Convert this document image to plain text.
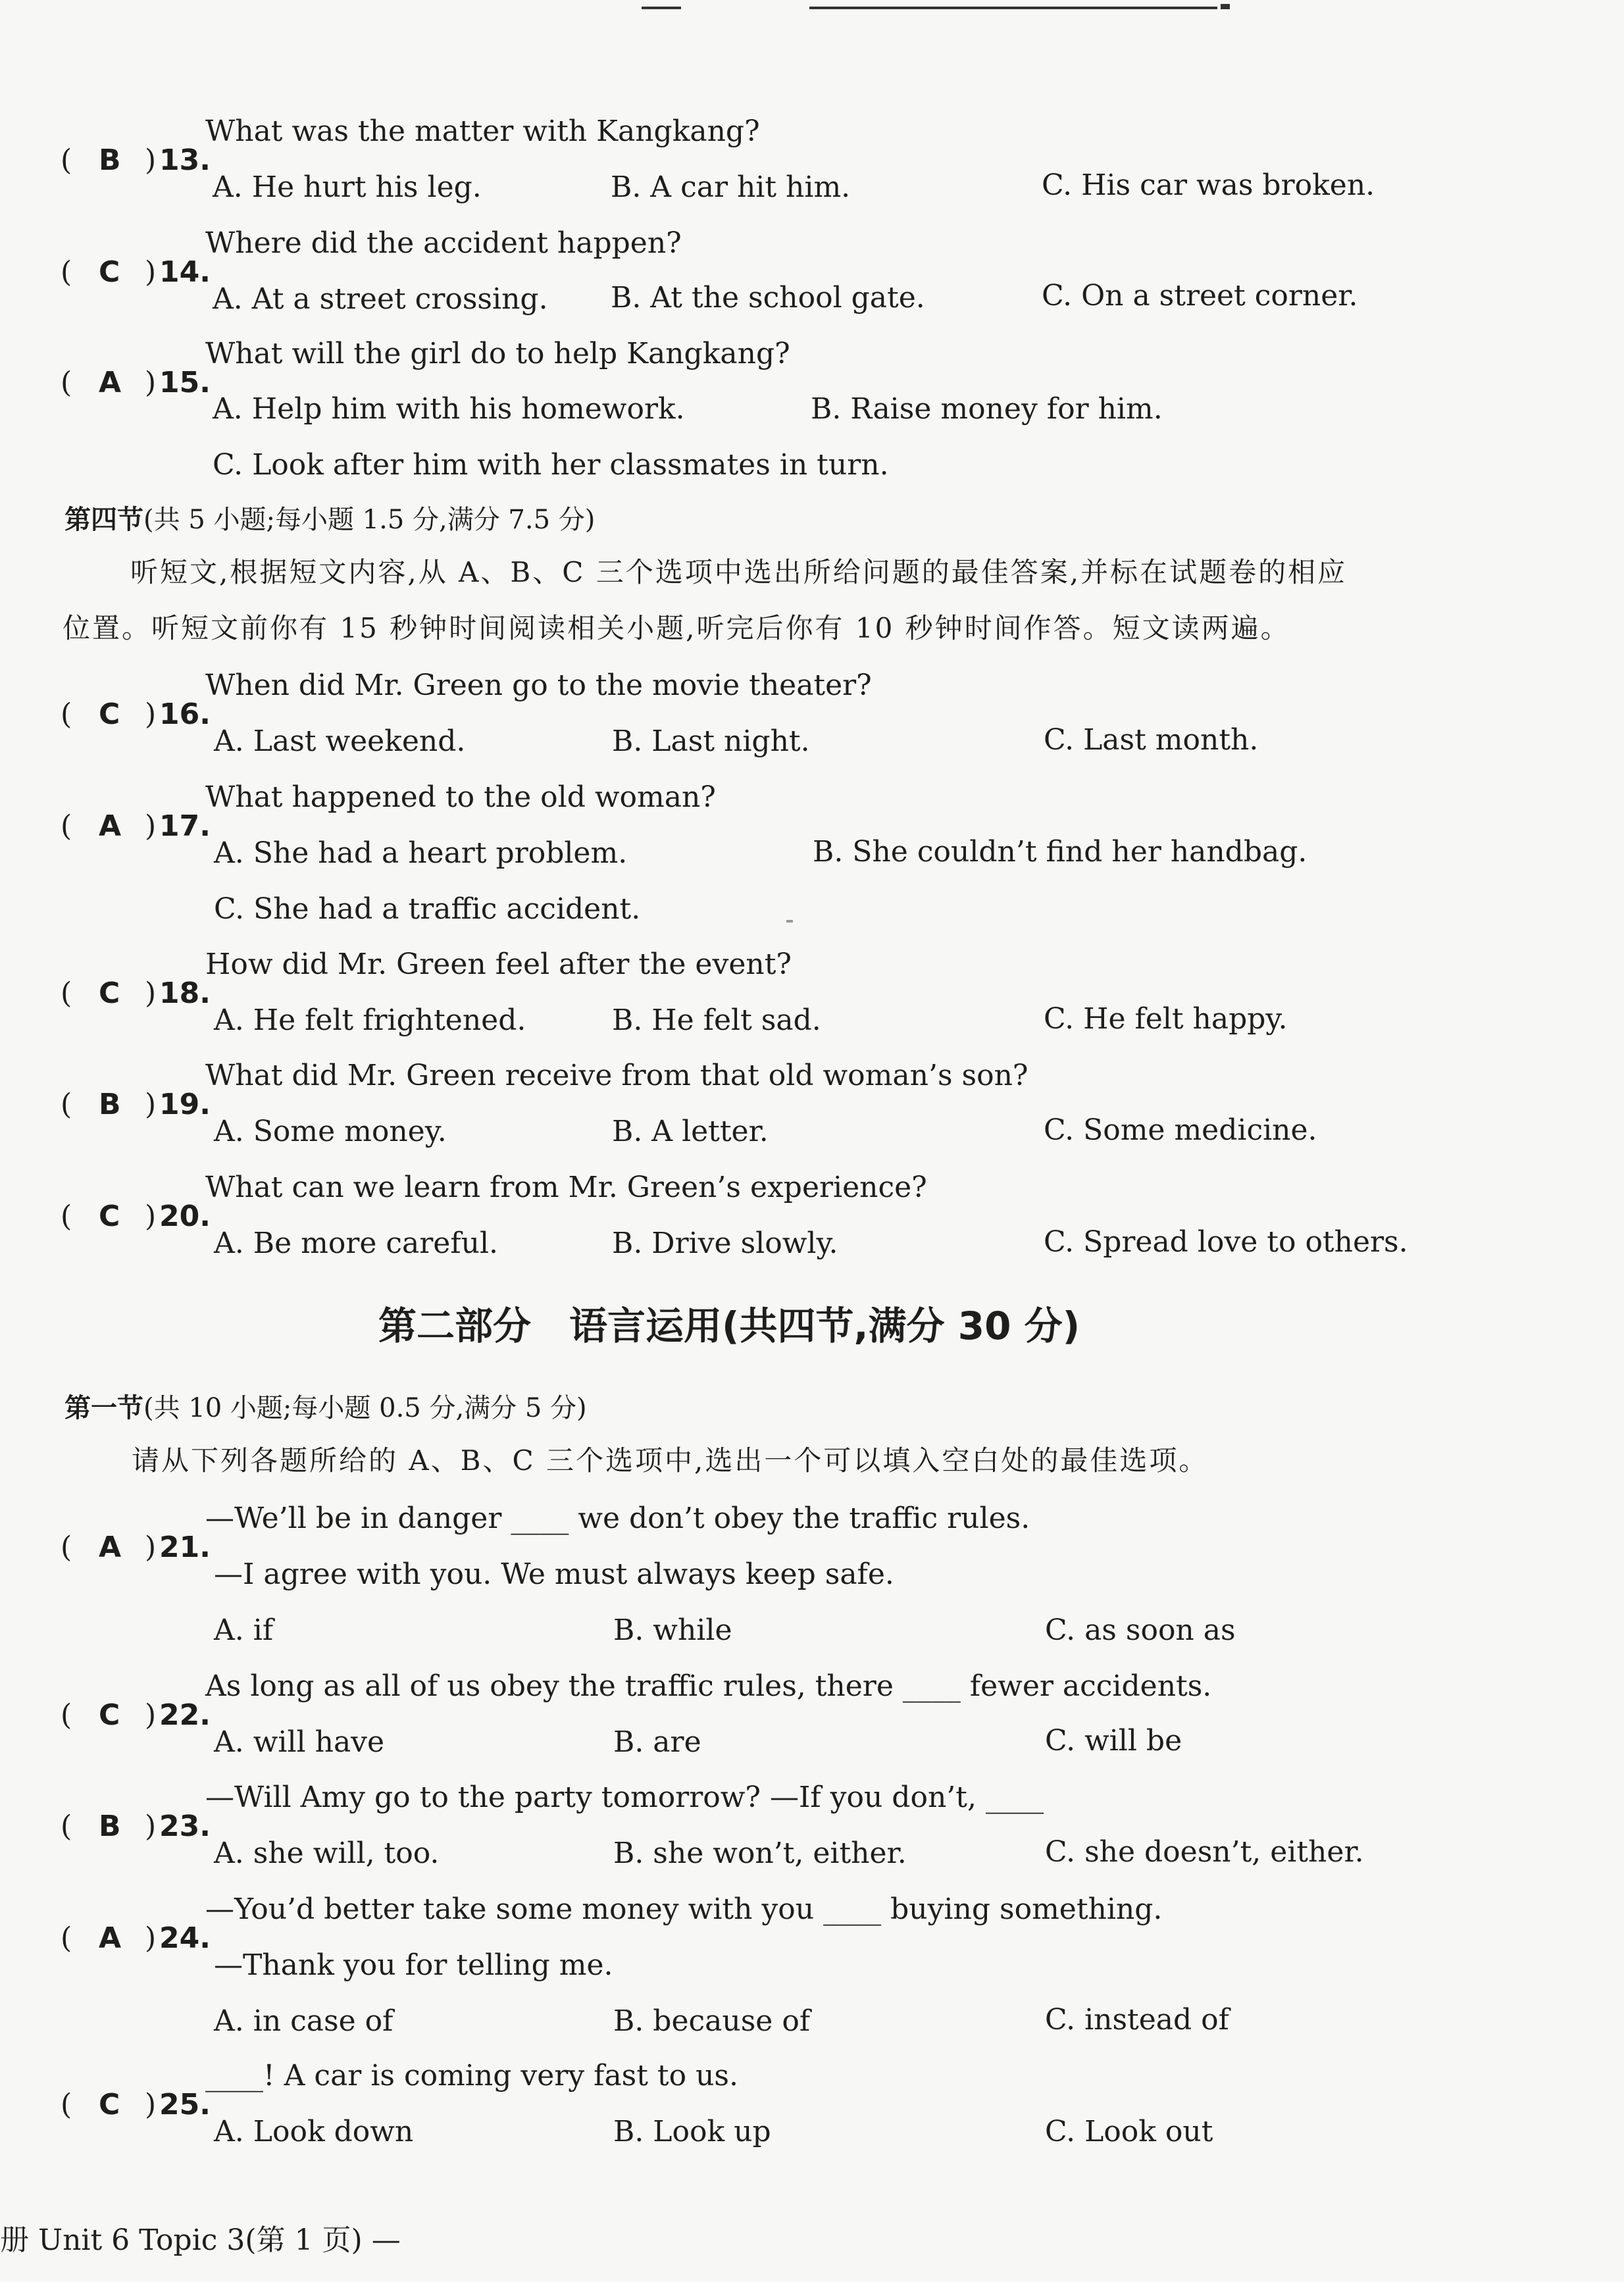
( B ) 13.
What was the matter with Kangkang?
A. He hurt his leg.	B. A car hit him.	C. His car was broken.
( C ) 14.
Where did the accident happen?
A. At a street crossing. B. At the school gate.	C. On a street corner.
( A ) 15.
What will the girl do to help Kangkang?
A. Help him with his homework.	B. Raise money for him.
C. Look after him with her classmates in turn.
第四节(共 5 小题;每小题 1.5 分,满分 7.5 分)
听短文,根据短文内容,从 A、B、C 三个选项中选出所给问题的最佳答案,并标在试题卷的相应
位置。听短文前你有 15 秒钟时间阅读相关小题,听完后你有 10 秒钟时间作答。短文读两遍。
( C ) 16.
When did Mr. Green go to the movie theater?
A. Last weekend.	B. Last night.	C. Last month.
( A ) 17.
What happened to the old woman?
A. She had a heart problem.	B. She couldn’t find her handbag.
C. She had a traffic accident.
( C ) 18.
How did Mr. Green feel after the event?
A. He felt frightened.	B. He felt sad.	C. He felt happy.
( B ) 19.
What did Mr. Green receive from that old woman’s son?
A. Some money.	B. A letter.	C. Some medicine.
( C ) 20.
What can we learn from Mr. Green’s experience?
A. Be more careful.	B. Drive slowly.	C. Spread love to others.
第二部分　语言运用(共四节,满分 30 分)
第一节(共 10 小题;每小题 0.5 分,满分 5 分)
请从下列各题所给的 A、B、C 三个选项中,选出一个可以填入空白处的最佳选项。
( A ) 21.
—We’ll be in danger ____ we don’t obey the traffic rules.
—I agree with you. We must always keep safe.
A. if	B. while	C. as soon as
( C ) 22.
As long as all of us obey the traffic rules, there ____ fewer accidents.
A. will have	B. are	C. will be
( B ) 23.
—Will Amy go to the party tomorrow? —If you don’t, ____
A. she will, too.	B. she won’t, either.	C. she doesn’t, either.
( A ) 24.
—You’d better take some money with you ____ buying something.
—Thank you for telling me.
A. in case of	B. because of	C. instead of
( C ) 25.
____! A car is coming very fast to us.
A. Look down	B. Look up	C. Look out
册 Unit 6 Topic 3(第 1 页) —
